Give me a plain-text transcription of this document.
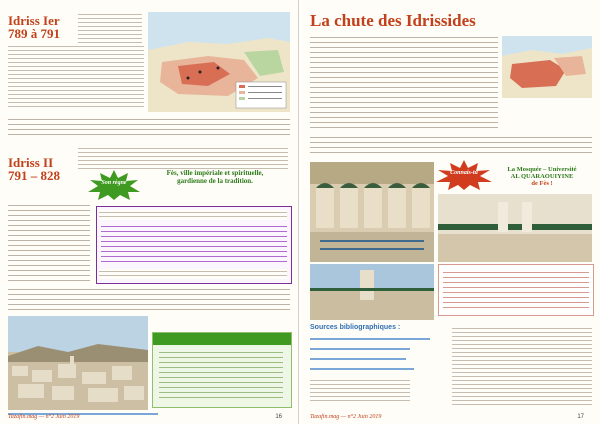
Idriss Ier
789 à 791
Idriss II
791 – 828	Son règne
Fès, ville impériale et spirituelle,
gardienne de la tradition.
Tazafin.mag — n°2 Juin 2019	16
La chute des Idrissides
Connais-tu	La Mosquée – Université
AL QUARAOUIYINE
de Fès !
Sources bibliographiques :
Tazafin.mag — n°2 Juin 2019	17
